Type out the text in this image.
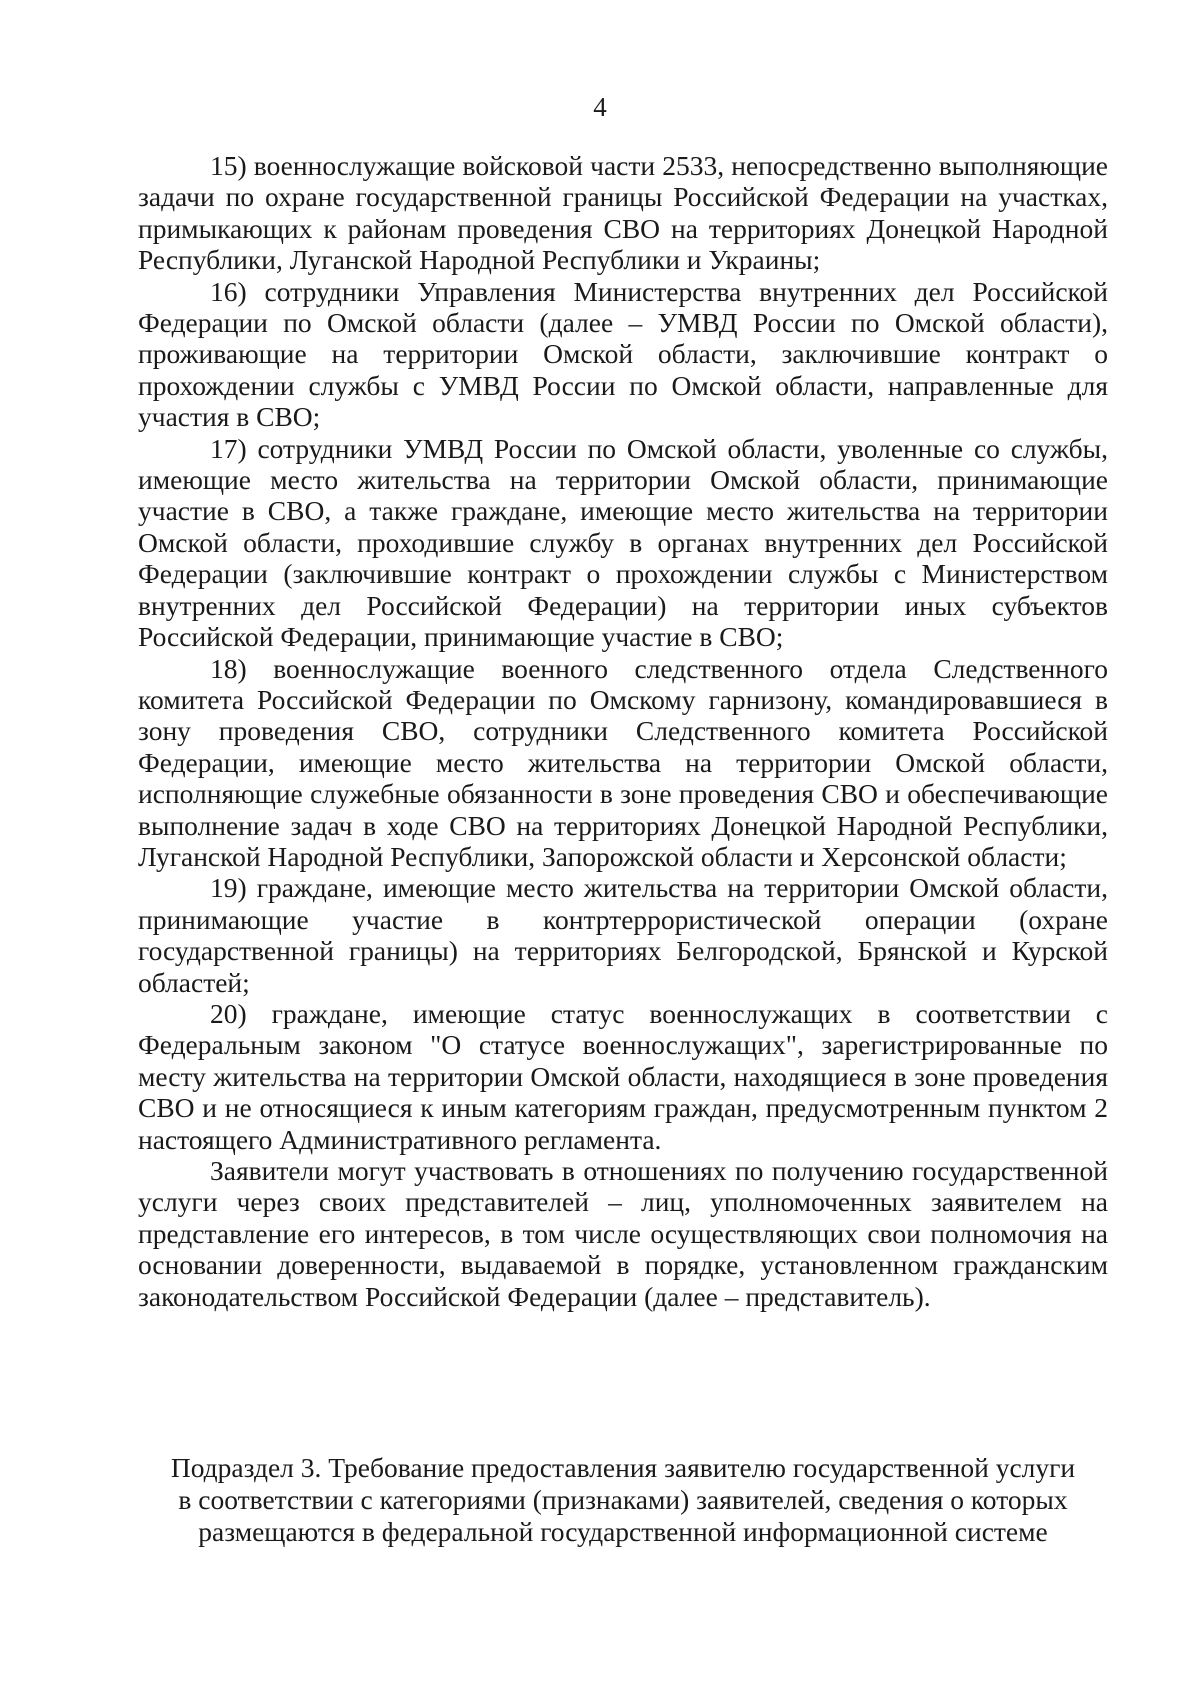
4

15) военнослужащие войсковой части 2533, непосредственно выполняющие задачи по охране государственной границы Российской Федерации на участках, примыкающих к районам проведения СВО на территориях Донецкой Народной Республики, Луганской Народной Республики и Украины;

16) сотрудники Управления Министерства внутренних дел Российской Федерации по Омской области (далее – УМВД России по Омской области), проживающие на территории Омской области, заключившие контракт о прохождении службы с УМВД России по Омской области, направленные для участия в СВО;

17) сотрудники УМВД России по Омской области, уволенные со службы, имеющие место жительства на территории Омской области, принимающие участие в СВО, а также граждане, имеющие место жительства на территории Омской области, проходившие службу в органах внутренних дел Российской Федерации (заключившие контракт о прохождении службы с Министерством внутренних дел Российской Федерации) на территории иных субъектов Российской Федерации, принимающие участие в СВО;

18) военнослужащие военного следственного отдела Следственного комитета Российской Федерации по Омскому гарнизону, командировавшиеся в зону проведения СВО, сотрудники Следственного комитета Российской Федерации, имеющие место жительства на территории Омской области, исполняющие служебные обязанности в зоне проведения СВО и обеспечивающие выполнение задач в ходе СВО на территориях Донецкой Народной Республики, Луганской Народной Республики, Запорожской области и Херсонской области;

19) граждане, имеющие место жительства на территории Омской области, принимающие участие в контртеррористической операции (охране государственной границы) на территориях Белгородской, Брянской и Курской областей;

20) граждане, имеющие статус военнослужащих в соответствии с Федеральным законом "О статусе военнослужащих", зарегистрированные по месту жительства на территории Омской области, находящиеся в зоне проведения СВО и не относящиеся к иным категориям граждан, предусмотренным пунктом 2 настоящего Административного регламента.

Заявители могут участвовать в отношениях по получению государственной услуги через своих представителей – лиц, уполномоченных заявителем на представление его интересов, в том числе осуществляющих свои полномочия на основании доверенности, выдаваемой в порядке, установленном гражданским законодательством Российской Федерации (далее – представитель).

Подраздел 3. Требование предоставления заявителю государственной услуги
в соответствии с категориями (признаками) заявителей, сведения о которых
размещаются в федеральной государственной информационной системе
